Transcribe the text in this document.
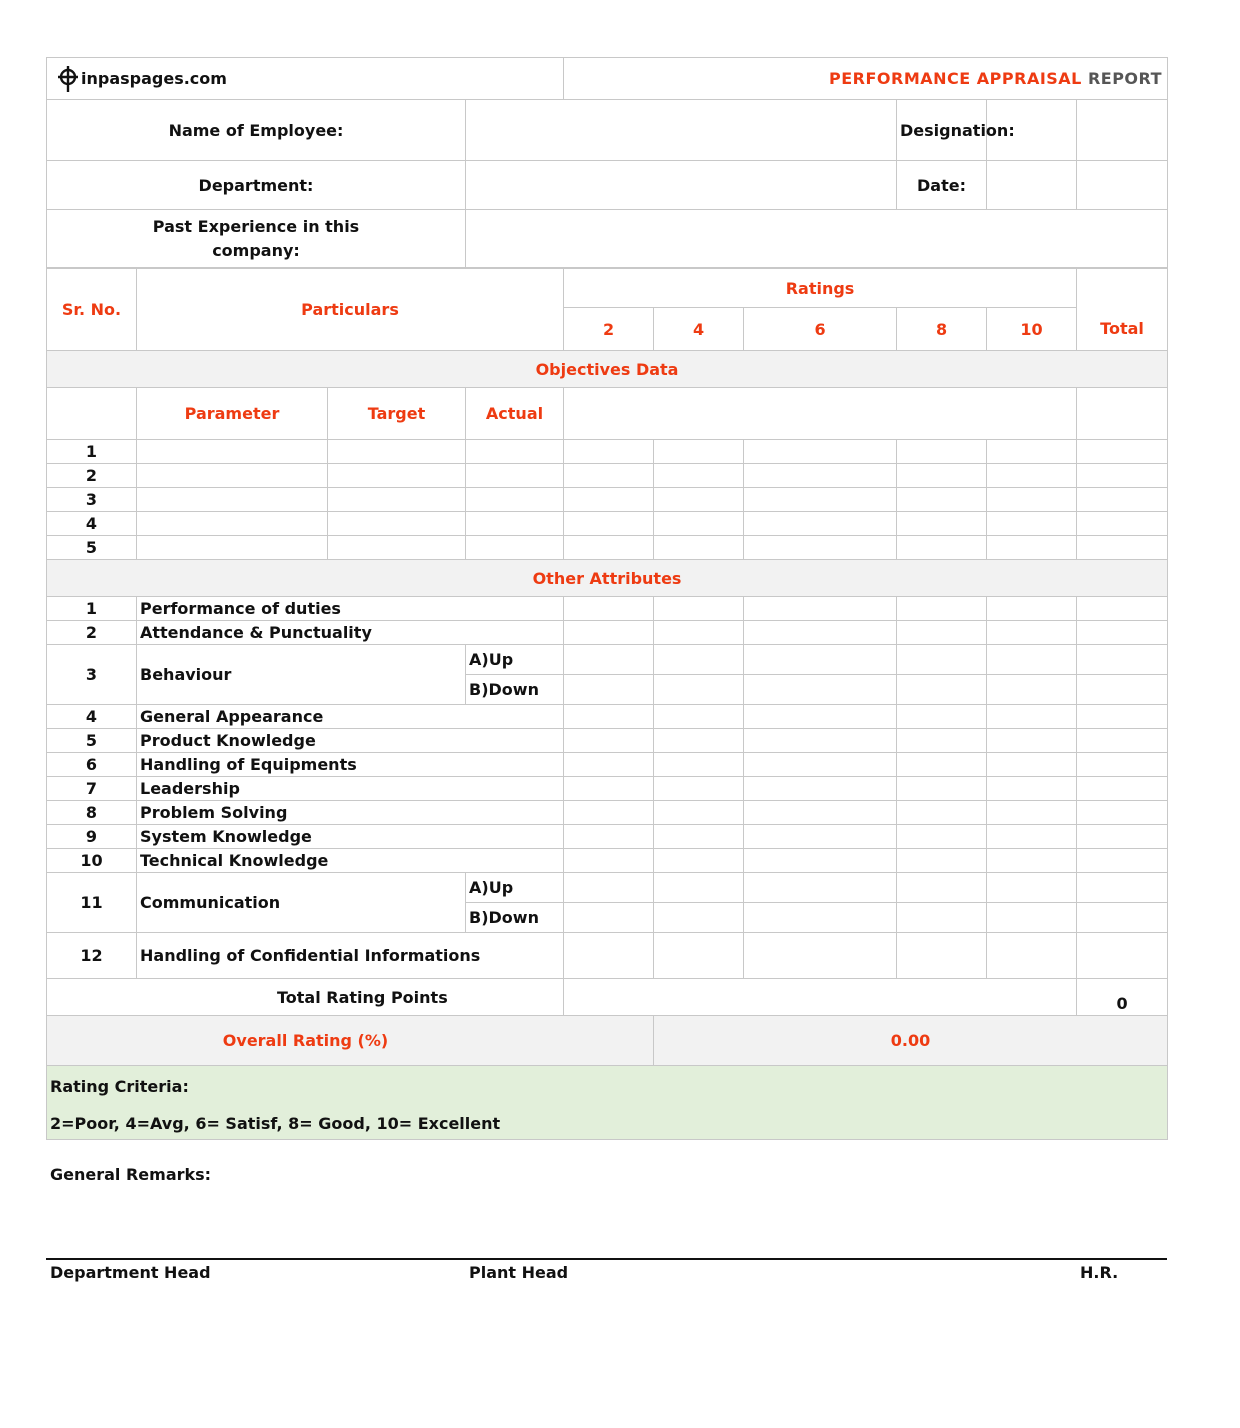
inpaspages.com		PERFORMANCE APPRAISAL REPORT			
Name of Employee:			Designation:		
Department:			Date:		

Past Experience in this company:					

Sr. No.	Particulars			Ratings					
				2	4	6	8	10	Total
Objectives Data									
	Parameter	Target	Actual						
1									
2									
3									
4									
5									
Other Attributes									
1	Performance of duties								
2	Attendance & Punctuality								
3	Behaviour		A)Up						
			B)Down						
4	General Appearance								
5	Product Knowledge								
6	Handling of Equipments								
7	Leadership								
8	Problem Solving								
9	System Knowledge								
10	Technical Knowledge								
11	Communication		A)Up						
			B)Down						
12	Handling of Confidential Informations								
Total Rating Points									0

Overall Rating (%)					0.00				

Rating Criteria:
2=Poor, 4=Avg, 6= Satisf, 8= Good, 10= Excellent									
General Remarks:
Department Head	Plant Head	H.R.
